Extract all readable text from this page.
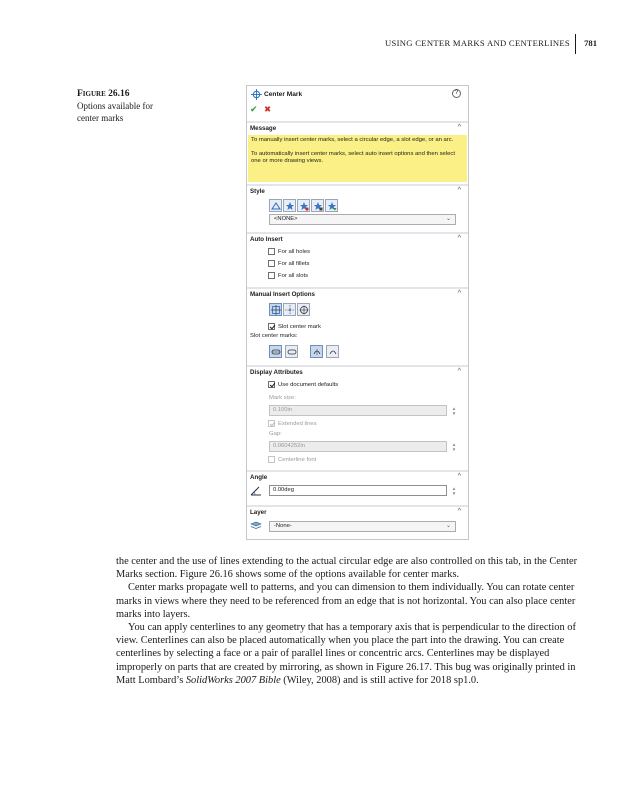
USING CENTER MARKS AND CENTERLINES 781
Figure 26.16
Options available for
center marks
Center Mark	?
✔ ✖
Message	^
To manually insert center marks, select a circular edge, a slot edge, or an arc.
To automatically insert center marks, select auto insert options and then select one or more drawing views.
Style	^
<NONE>	⌄
Auto Insert	^
For all holes
For all fillets
For all slots
Manual Insert Options	^
Slot center mark
Slot center marks:
Display Attributes	^
Use document defaults
Mark size:
0.100in	▲
▼
Extended lines
Gap:
0.0604252in	▲
▼
Centerline font
Angle	^
0.00deg	▲
▼
Layer	^
-None-	⌄

the center and the use of lines extending to the actual circular edge are also controlled on this tab, in the Center Marks section. Figure 26.16 shows some of the options available for center marks.

Center marks propagate well to patterns, and you can dimension to them individually. You can rotate center marks in views where they need to be referenced from an edge that is not horizontal. You can also place center marks into layers.

You can apply centerlines to any geometry that has a temporary axis that is perpendicular to the direction of view. Centerlines can also be placed automatically when you place the part into the drawing. You can create centerlines by selecting a face or a pair of parallel lines or concentric arcs. Centerlines may be displayed improperly on parts that are created by mirroring, as shown in Figure 26.17. This bug was originally printed in Matt Lombard’s SolidWorks 2007 Bible (Wiley, 2008) and is still active for 2018 sp1.0.
